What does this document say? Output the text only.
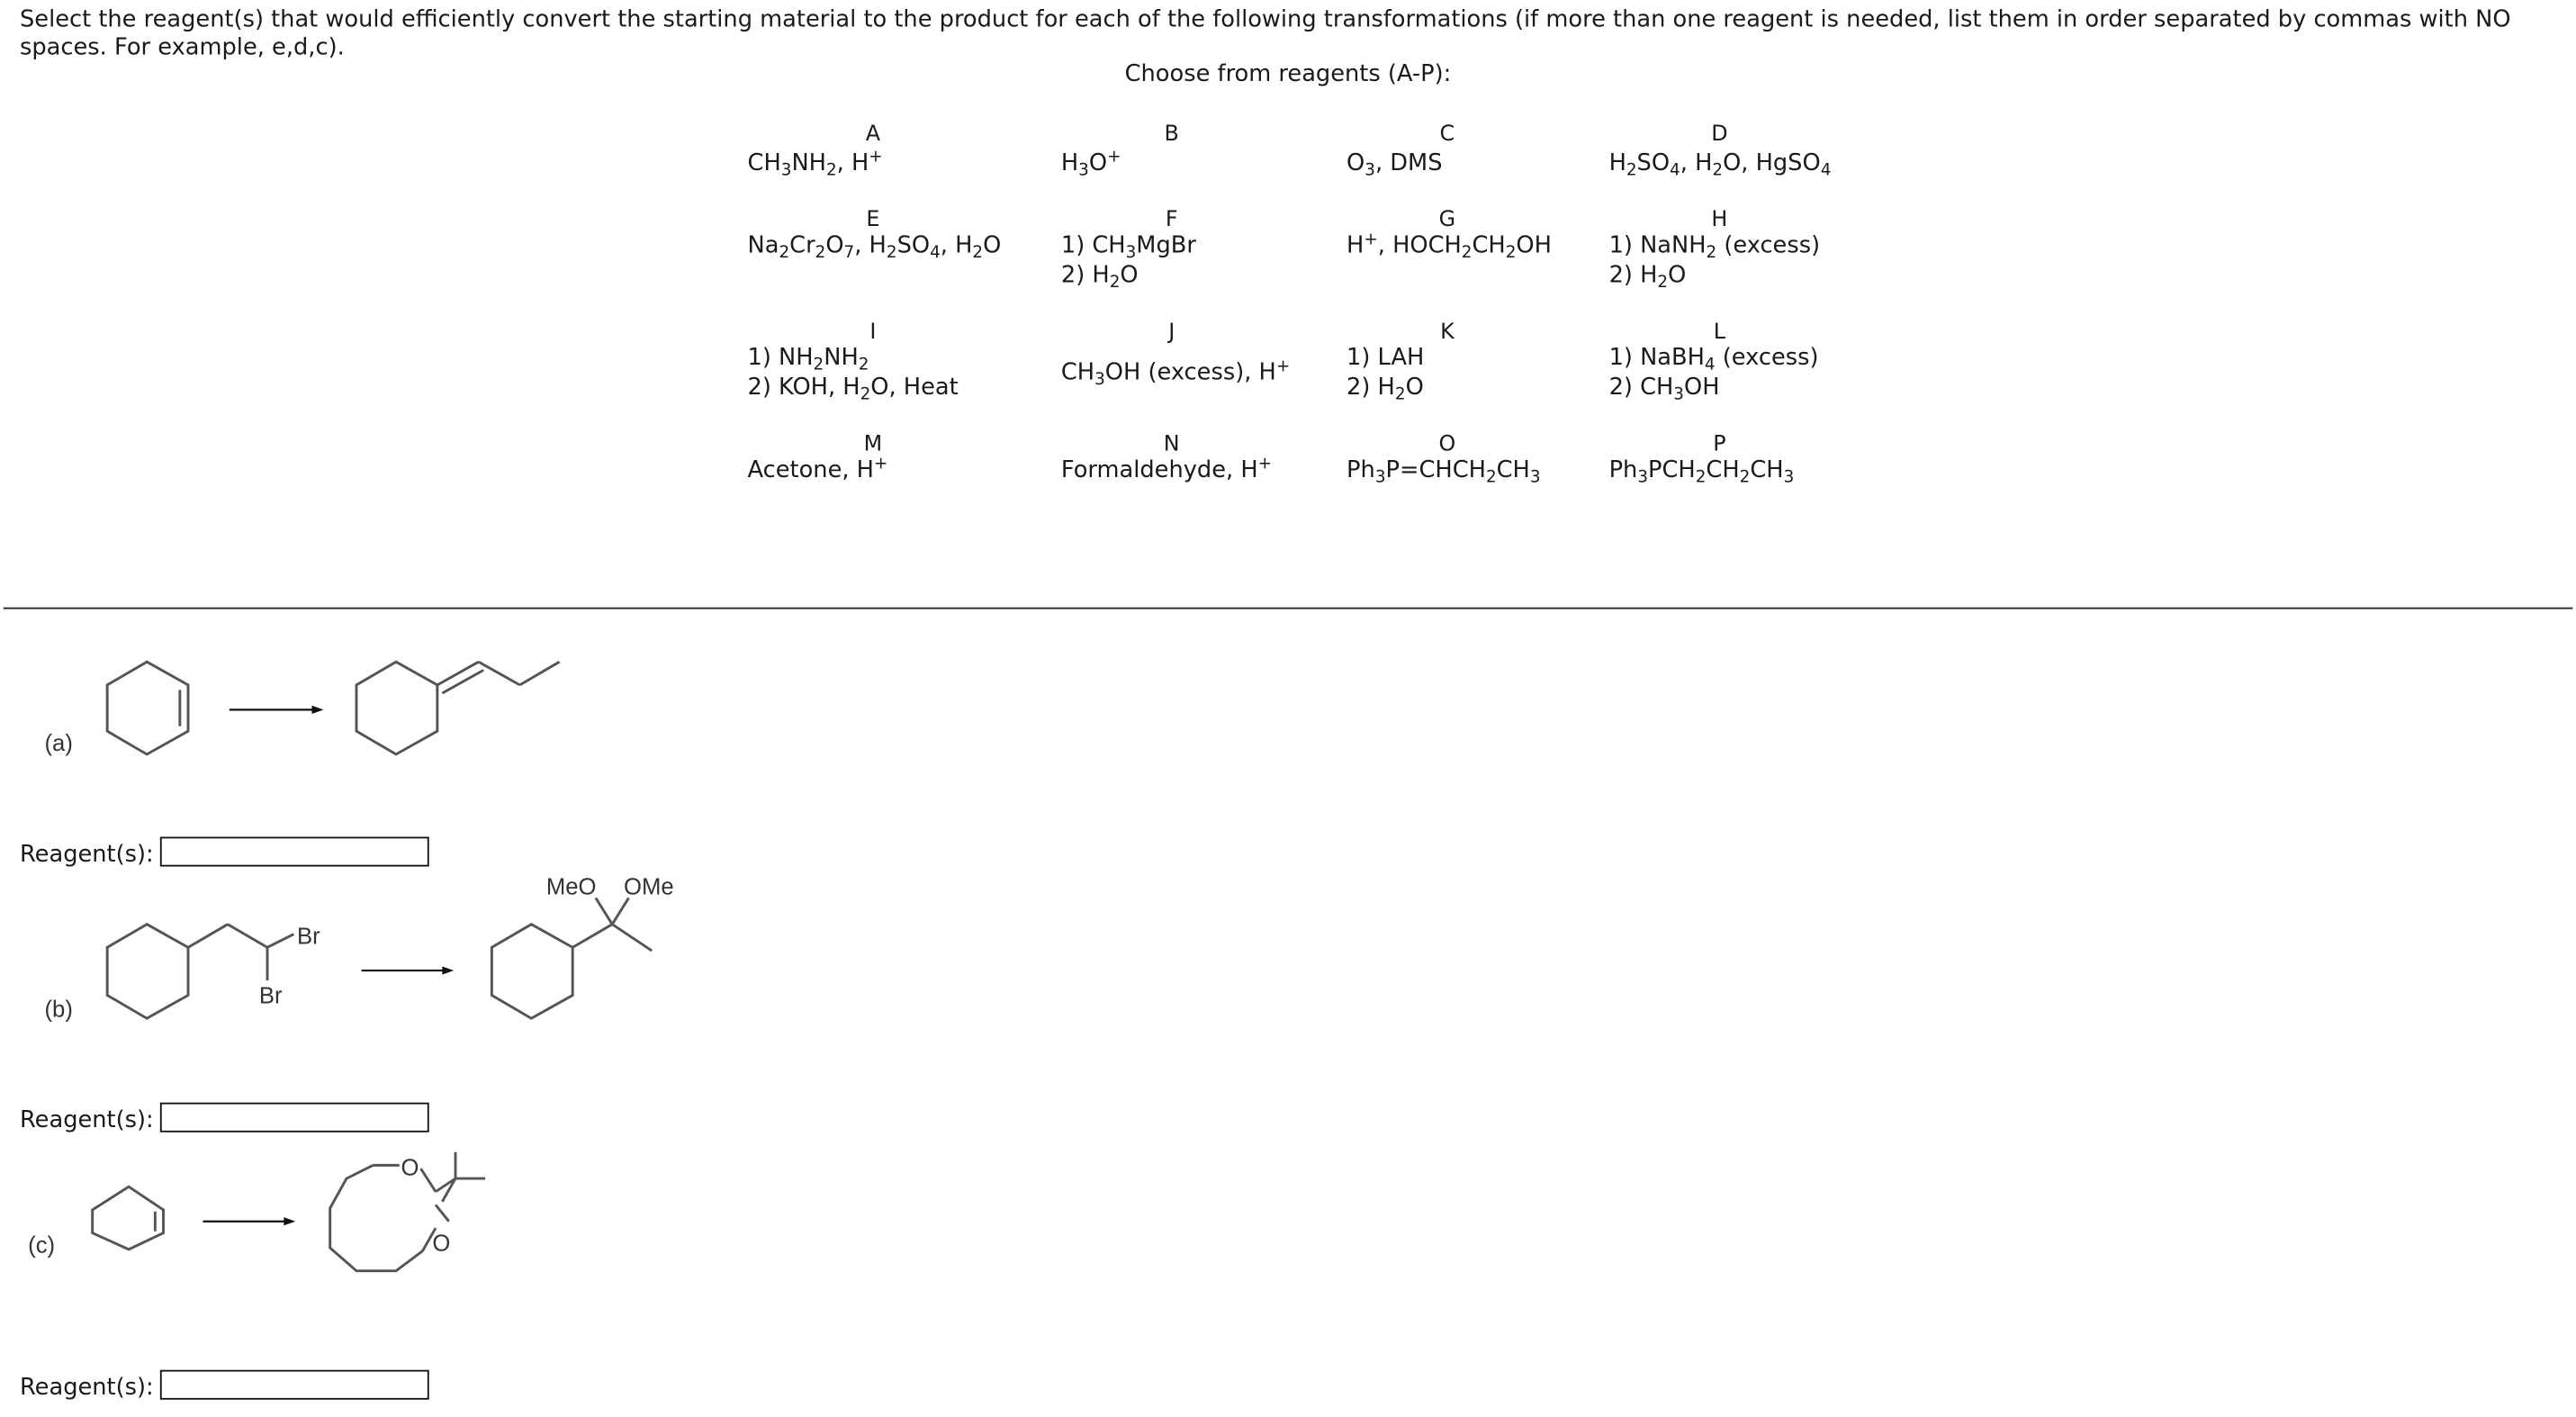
Select the reagent(s) that would efficiently convert the starting material to the product for each of the following transformations (if more than one reagent is needed, list them in order separated by commas with NO spaces. For example, e,d,c).
Choose from reagents (A-P):
A
$CH_3NH_2$, H+
B
$H_3O^+$
C
$O_3$, DMS
D
$H_2SO_4$, $H_2O$, HgSO$_4$
E
$Na_2Cr_2O_7$, $H_2SO_4$, $H_2O$
F
1) $CH_3MgBr$
2) $H_2O$
G
H+, $HOCH_2CH_2OH$
H
1) NaNH$_2$ (excess)
2) $H_2O$
I
1) $NH_2NH_2$
2) KOH, $H_2O$, Heat
J
$CH_3OH$ (excess), H+
K
1) LAH
2) $H_2O$
L
1) NaBH$_4$ (excess)
2) $CH_3OH$
M
Acetone, H+
N
Formaldehyde, H+
O
$Ph_3P=CHCH_2CH_3$
P
$Ph_3PCH_2CH_2CH_3$
(a)
Reagent(s):
(b)
Br
Br
MeO OMe
Reagent(s):
(c)
O
O
Reagent(s):
